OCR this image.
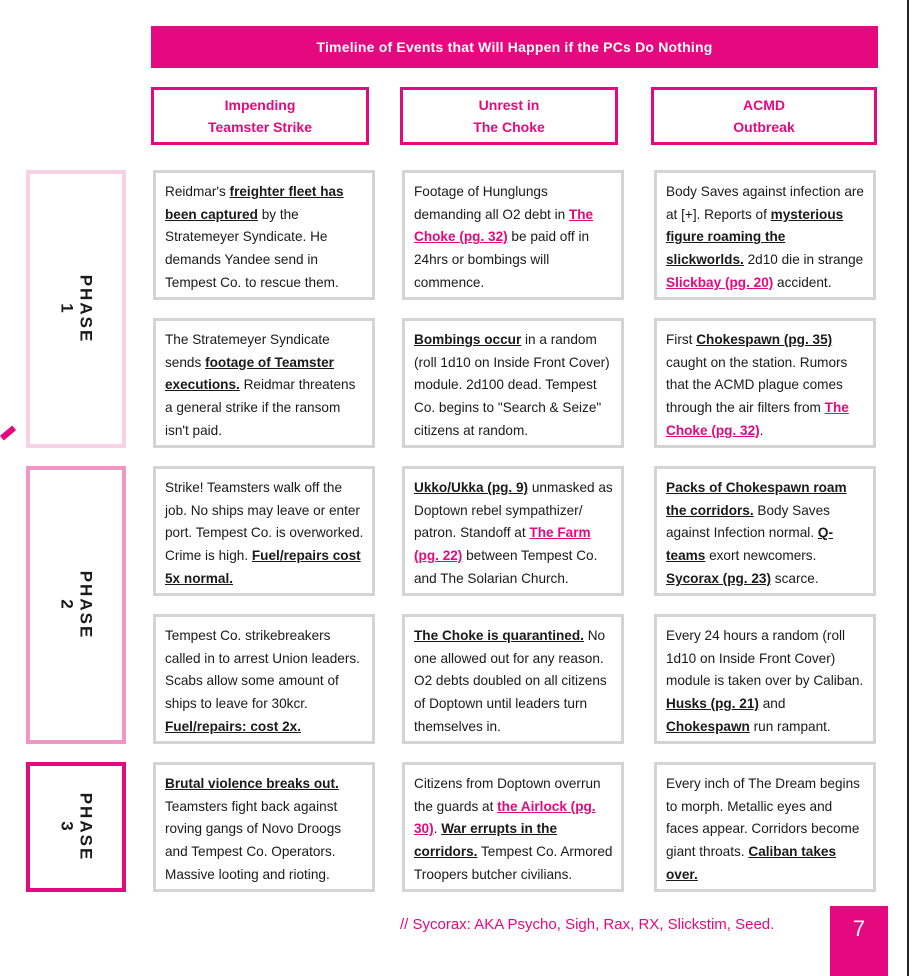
Timeline of Events that Will Happen if the PCs Do Nothing
Impending
Teamster Strike
Unrest in
The Choke
ACMD
Outbreak
PHASE
1
PHASE
2
PHASE
3
Reidmar's freighter fleet has been captured by the Stratemeyer Syndicate. He demands Yandee send in Tempest Co. to rescue them.
Footage of Hunglungs demanding all O2 debt in The Choke (pg. 32) be paid off in 24hrs or bombings will commence.
Body Saves against infection are at [+]. Reports of mysterious figure roaming the slickworlds. 2d10 die in strange Slickbay (pg. 20) accident.
The Stratemeyer Syndicate sends footage of Teamster executions. Reidmar threatens a general strike if the ransom isn't paid.
Bombings occur in a random (roll 1d10 on Inside Front Cover) module. 2d100 dead. Tempest Co. begins to "Search & Seize" citizens at random.
First Chokespawn (pg. 35) caught on the station. Rumors that the ACMD plague comes through the air filters from The Choke (pg. 32).
Strike! Teamsters walk off the job. No ships may leave or enter port. Tempest Co. is overworked. Crime is high. Fuel/repairs cost 5x normal.
Ukko/Ukka (pg. 9) unmasked as Doptown rebel sympathizer/ patron. Standoff at The Farm (pg. 22) between Tempest Co. and The Solarian Church.
Packs of Chokespawn roam the corridors. Body Saves against Infection normal. Q-teams exort newcomers. Sycorax (pg. 23) scarce.
Tempest Co. strikebreakers called in to arrest Union leaders. Scabs allow some amount of ships to leave for 30kcr. Fuel/repairs: cost 2x.
The Choke is quarantined. No one allowed out for any reason. O2 debts doubled on all citizens of Doptown until leaders turn themselves in.
Every 24 hours a random (roll 1d10 on Inside Front Cover) module is taken over by Caliban. Husks (pg. 21) and Chokespawn run rampant.
Brutal violence breaks out. Teamsters fight back against roving gangs of Novo Droogs and Tempest Co. Operators. Massive looting and rioting.
Citizens from Doptown overrun the guards at the Airlock (pg. 30). War errupts in the corridors. Tempest Co. Armored Troopers butcher civilians.
Every inch of The Dream begins to morph. Metallic eyes and faces appear. Corridors become giant throats. Caliban takes over.
// Sycorax: AKA Psycho, Sigh, Rax, RX, Slickstim, Seed.	7
